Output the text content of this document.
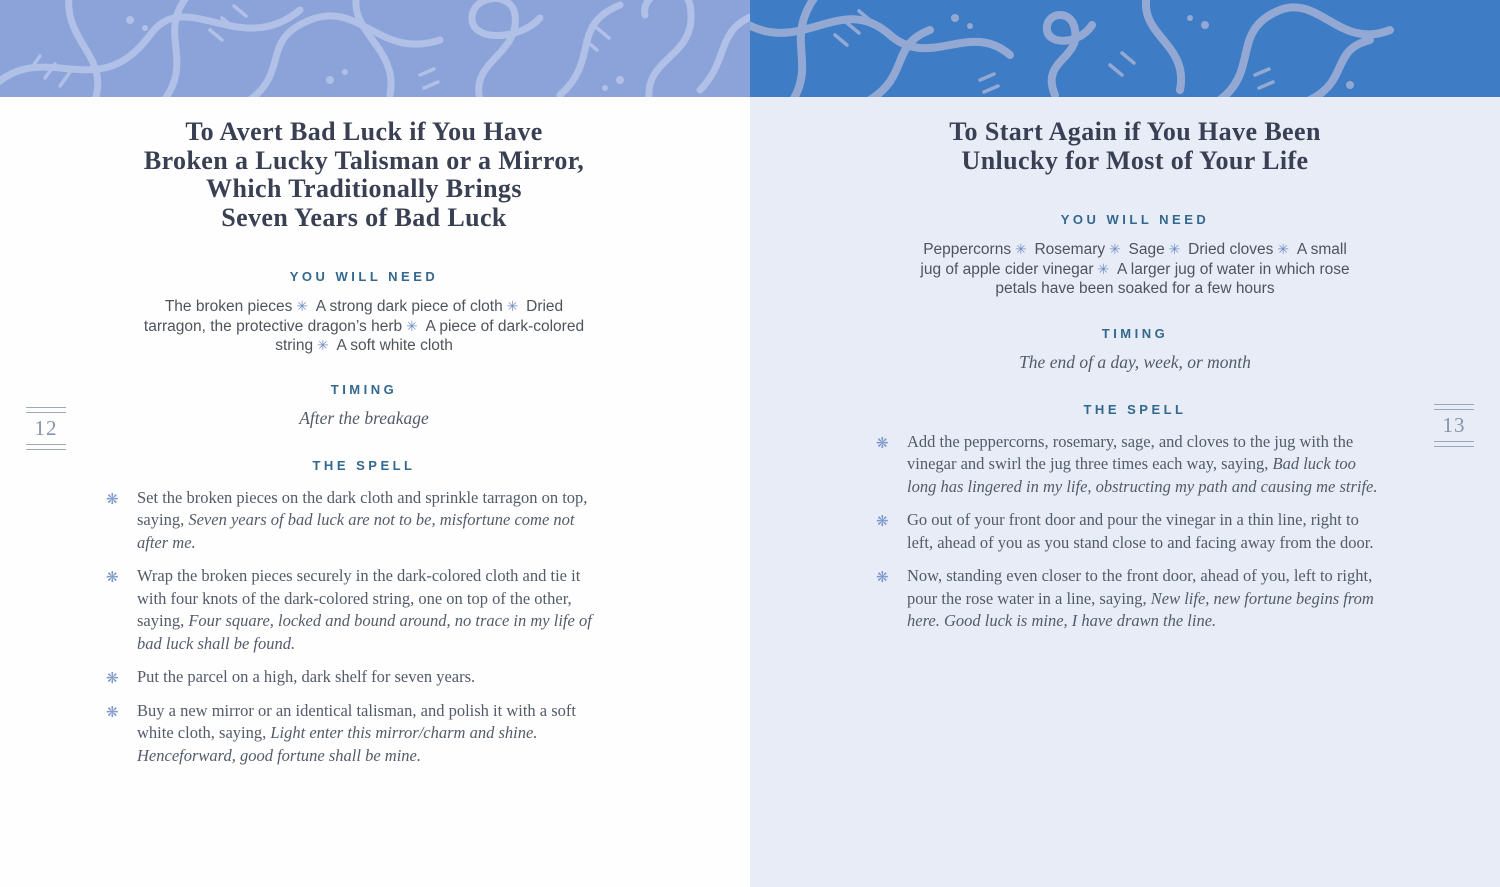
To Avert Bad Luck if You Have
Broken a Lucky Talisman or a Mirror,
Which Traditionally Brings
Seven Years of Bad Luck
YOU WILL NEED
The broken pieces ✳  A strong dark piece of cloth ✳  Dried tarragon, the protective dragon’s herb ✳  A piece of dark-colored string ✳  A soft white cloth
TIMING
After the breakage
THE SPELL
❋ Set the broken pieces on the dark cloth and sprinkle tarragon on top, saying, Seven years of bad luck are not to be, misfortune come not after me.
❋ Wrap the broken pieces securely in the dark-colored cloth and tie it with four knots of the dark-colored string, one on top of the other, saying, Four square, locked and bound around, no trace in my life of bad luck shall be found.
❋ Put the parcel on a high, dark shelf for seven years.
❋ Buy a new mirror or an identical talisman, and polish it with a soft white cloth, saying, Light enter this mirror/charm and shine. Henceforward, good fortune shall be mine.
12
To Start Again if You Have Been
Unlucky for Most of Your Life
YOU WILL NEED
Peppercorns ✳  Rosemary ✳  Sage ✳  Dried cloves ✳  A small jug of apple cider vinegar ✳  A larger jug of water in which rose petals have been soaked for a few hours
TIMING
The end of a day, week, or month
THE SPELL
❋ Add the peppercorns, rosemary, sage, and cloves to the jug with the vinegar and swirl the jug three times each way, saying, Bad luck too long has lingered in my life, obstructing my path and causing me strife.
❋ Go out of your front door and pour the vinegar in a thin line, right to left, ahead of you as you stand close to and facing away from the door.
❋ Now, standing even closer to the front door, ahead of you, left to right, pour the rose water in a line, saying, New life, new fortune begins from here. Good luck is mine, I have drawn the line.
13
